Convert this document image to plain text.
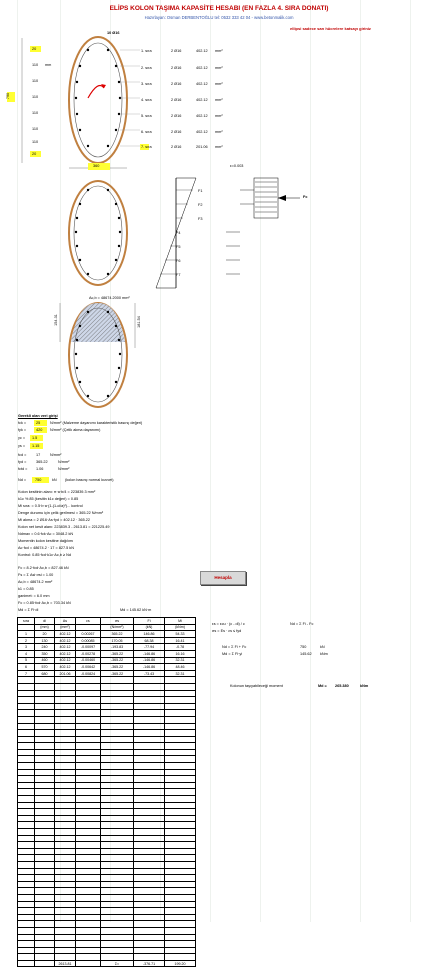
ELİPS KOLON TAŞIMA KAPASİTE HESABI (EN FAZLA 4. SIRA DONATI)
Hazırlayan: Osman DERBENTOĞLU tel: 0532 333 42 04 - www.betonmalik.com
ellipsi sadece sarı hücrelere katsayı giriniz
10 Ø16
20
110
110
110
110
110
110
20
mm
790
360
1. sıra	2 Ø16	402.12 mm²
2. sıra	2 Ø16	402.12 mm²
3. sıra	2 Ø16	402.12 mm²
4. sıra	2 Ø16	402.12 mm²
5. sıra	2 Ø16	402.12 mm²
6. sıra	2 Ø16	402.12 mm²
7. sıra	2 Ø16	201.06 mm²
ε=0.003
Fc
F1
F2
F3
F4
F5
F6
F7
Ac,b = 48674.2000 mm²
154.31	181.54
Gerekli olan veri girişi
fck =	25	N/mm² (Malzeme dayanımı karakteristik basınç değeri)
fyk =	420 N/mm² (Çelik akma dayanımı)
γc = 1.5
γs = 1.15
fcd =	17	N/mm²
fyd =	365.22	N/mm²
fctd = 1.06	N/mm²
Nd = 750	kN (kolon basınç normal kuvvet)
Kolon kesitinin alanı: π·a·b/4 = 223839.3 mm²
k1c % 85 (kesitin k1c değeri) = 0.85
Mi sıra: = 0.5·b·a·(1-(1-ci/a)²)... kontrol
Denge durumu için çelik gerilmesi = 365.22 N/mm²
Mi akma = 2 Ø16·As·fyd = 402.12 · 365.22
Kolon net kesit alanı: 223839.3 - 2613.81 = 221225.49
Ndmax = 0.6·fck·Ac = 3048.2 kN
Momentin kolon kesitine dağılımı
Ac·fcd = 48674.2 · 17 = 827.5 kN
Kontrol: 0.85·fcd·k1c·Ac,b ≥ Nd
Fc = 8.2·fcd·Ac,b = 827.46 kN
Fs = Σ Asi·σsi = 1.00
Ac,b = 48674.2 mm²
k1 = 0.85
ganimet: = 6.0 mm
Fc = 0.85·fcd·Ac,b = 703.34 kN
Md = Σ Fi·di	Md = 145.62 kN·m
Hesapla
εs = εcu · (c - di) / c
σs = Es · εs ≤ fyd
Nd = Σ Fi - Fc
Nd = Σ Fi + Fc	750	kN
Md = Σ Fi·yi	145.62 kNm
Kolonun taşıyabileceği moment	Md = 265.380	kNm
sıra	di	As	εs	σs	Fi	Mi
	(mm)	(mm²)		(N/mm²)	(kN)	(kNm)
1	20	402.12	0.00267	365.22	146.86	54.33
2	130	402.12	0.00085	170.05	68.38	16.41
3	240	402.12	-0.00097	-193.83	-77.94	-0.78
4	350	402.12	-0.00278	-365.22	-146.86	16.16
5	460	402.12	-0.00460	-365.22	-146.86	32.31
6	570	402.12	-0.00642	-365.22	-146.86	48.46
7	680	201.06	-0.00824	-365.22	-73.43	32.31

		2613.81		Σ=	-376.71	199.20
